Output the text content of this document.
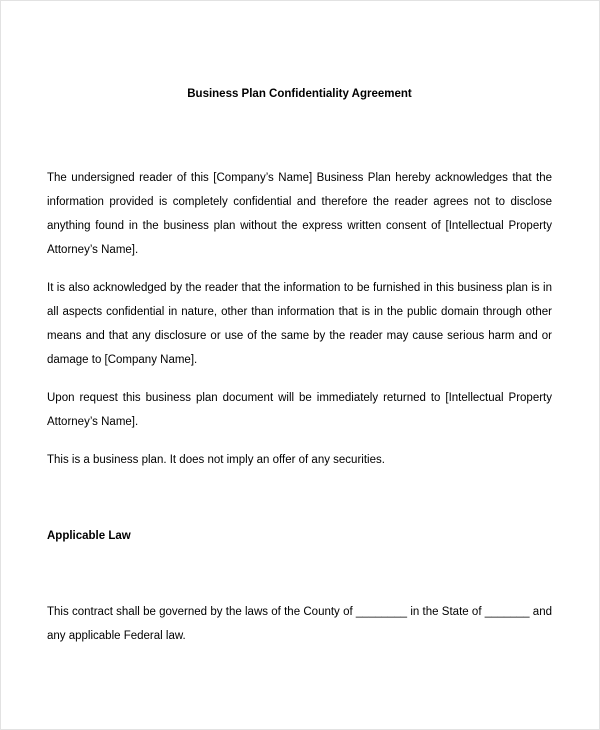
Business Plan Confidentiality Agreement

The undersigned reader of this [Company’s Name] Business Plan hereby acknowledges that the information provided is completely confidential and therefore the reader agrees not to disclose anything found in the business plan without the express written consent of [Intellectual Property Attorney’s Name].

It is also acknowledged by the reader that the information to be furnished in this business plan is in all aspects confidential in nature, other than information that is in the public domain through other means and that any disclosure or use of the same by the reader may cause serious harm and or damage to [Company Name].

Upon request this business plan document will be immediately returned to [Intellectual Property Attorney’s Name].

This is a business plan. It does not imply an offer of any securities.

Applicable Law

This contract shall be governed by the laws of the County of ________ in the State of _______ and any applicable Federal law.
